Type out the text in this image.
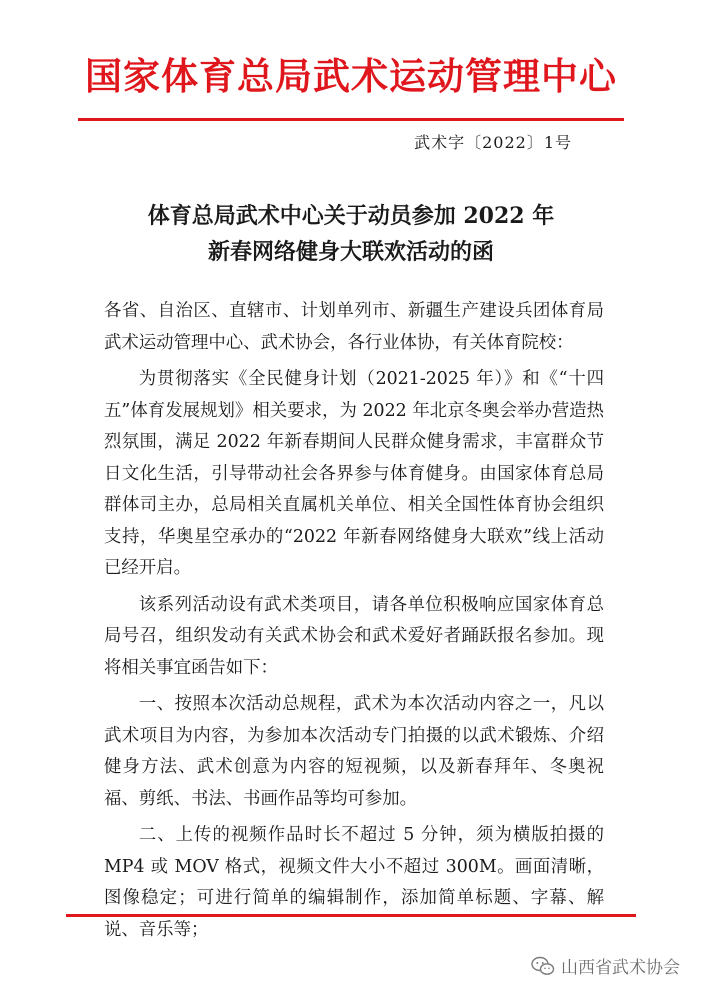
国家体育总局武术运动管理中心
武术字〔2022〕1号
体育总局武术中心关于动员参加 2022 年
新春网络健身大联欢活动的函

各省、自治区、直辖市、计划单列市、新疆生产建设兵团体育局武术运动管理中心、武术协会，各行业体协，有关体育院校：

为贯彻落实《全民健身计划（2021-2025 年）》和《“十四五”体育发展规划》相关要求，为 2022 年北京冬奥会举办营造热烈氛围，满足 2022 年新春期间人民群众健身需求，丰富群众节日文化生活，引导带动社会各界参与体育健身。由国家体育总局群体司主办，总局相关直属机关单位、相关全国性体育协会组织支持，华奥星空承办的“2022 年新春网络健身大联欢”线上活动已经开启。

该系列活动设有武术类项目，请各单位积极响应国家体育总局号召，组织发动有关武术协会和武术爱好者踊跃报名参加。现将相关事宜函告如下：

一、按照本次活动总规程，武术为本次活动内容之一，凡以武术项目为内容，为参加本次活动专门拍摄的以武术锻炼、介绍健身方法、武术创意为内容的短视频，以及新春拜年、冬奥祝福、剪纸、书法、书画作品等均可参加。

二、上传的视频作品时长不超过 5 分钟，须为横版拍摄的 MP4 或 MOV 格式，视频文件大小不超过 300M。画面清晰，图像稳定；可进行简单的编辑制作，添加简单标题、字幕、解说、音乐等；

山西省武术协会
